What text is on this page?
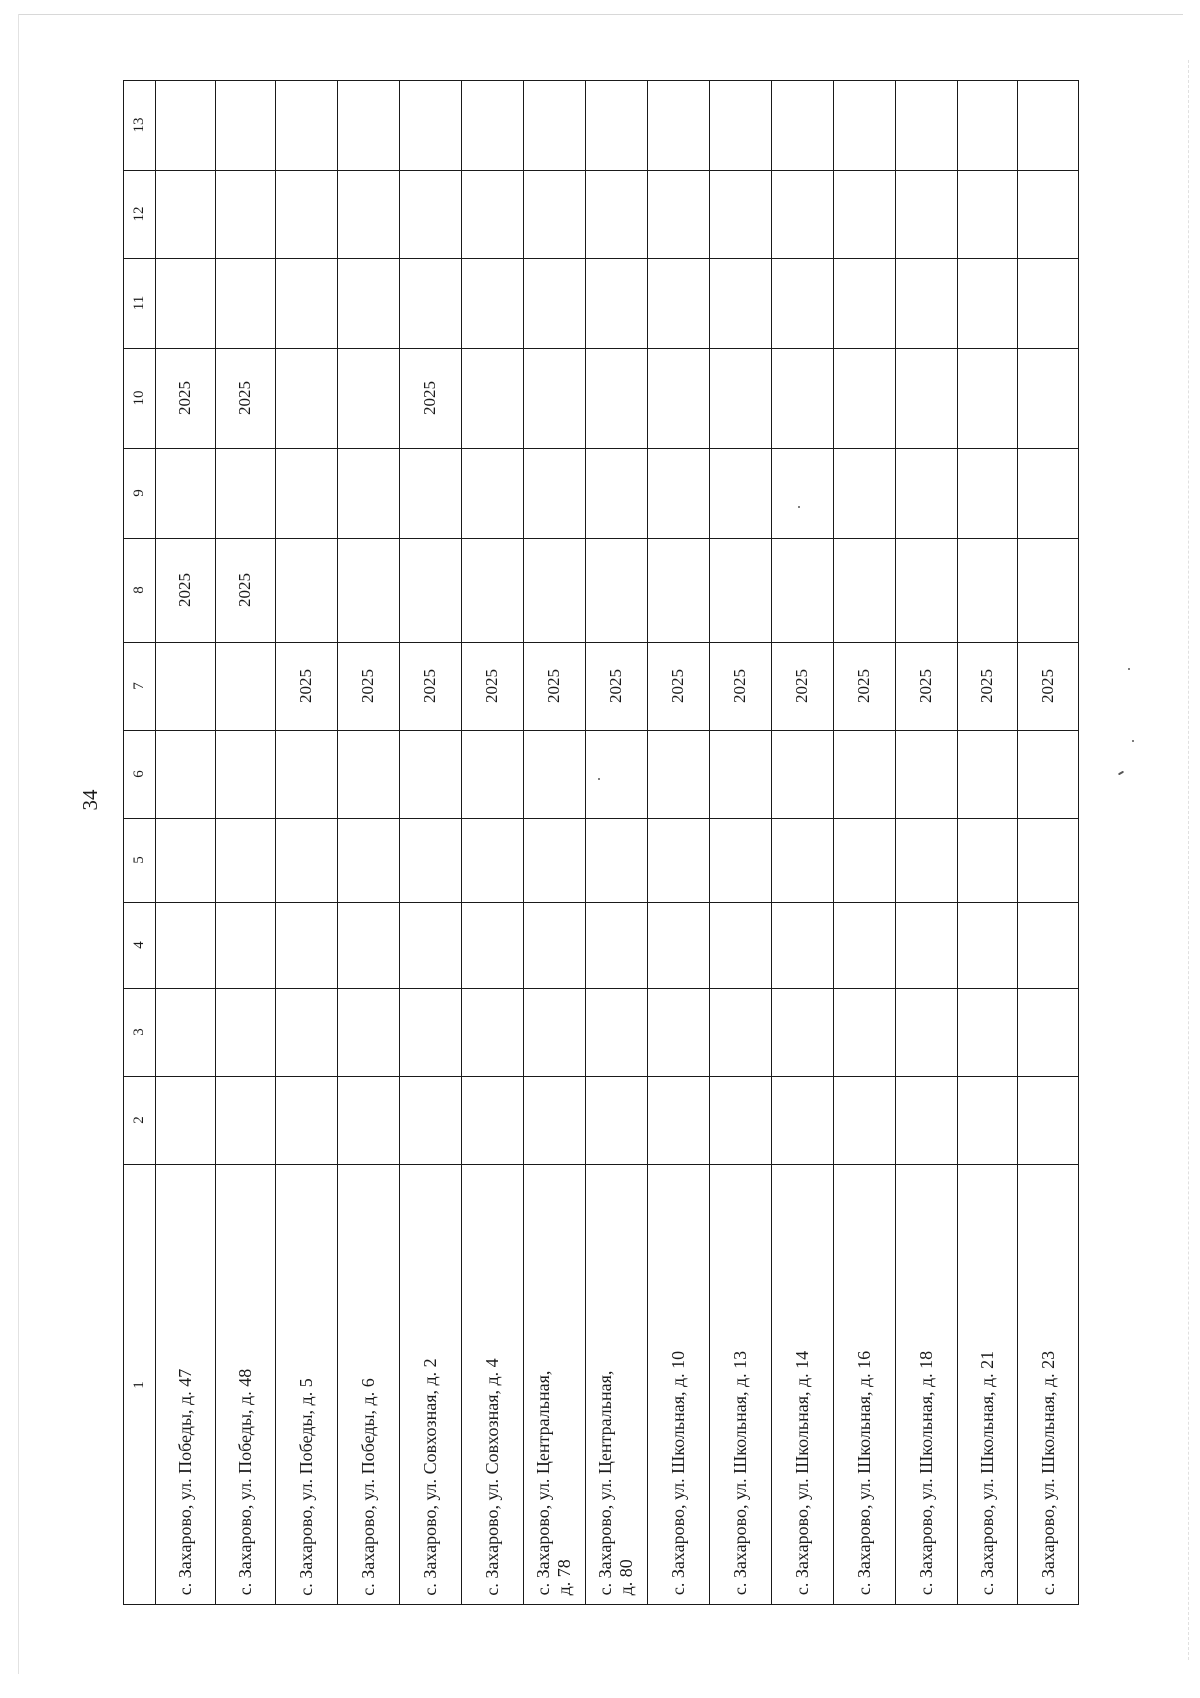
34
1
2
3
4
5
6
7
8
9
10
11
12
13
с. Захарово, ул. Победы, д. 47
2025
2025
с. Захарово, ул. Победы, д. 48
2025
2025
с. Захарово, ул. Победы, д. 5
2025
с. Захарово, ул. Победы, д. 6
2025
с. Захарово, ул. Совхозная, д. 2
2025
2025
с. Захарово, ул. Совхозная, д. 4
2025
с. Захарово, ул. Центральная, д. 78
2025
с. Захарово, ул. Центральная, д. 80
2025
с. Захарово, ул. Школьная, д. 10
2025
с. Захарово, ул. Школьная, д. 13
2025
с. Захарово, ул. Школьная, д. 14
2025
с. Захарово, ул. Школьная, д. 16
2025
с. Захарово, ул. Школьная, д. 18
2025
с. Захарово, ул. Школьная, д. 21
2025
с. Захарово, ул. Школьная, д. 23
2025
